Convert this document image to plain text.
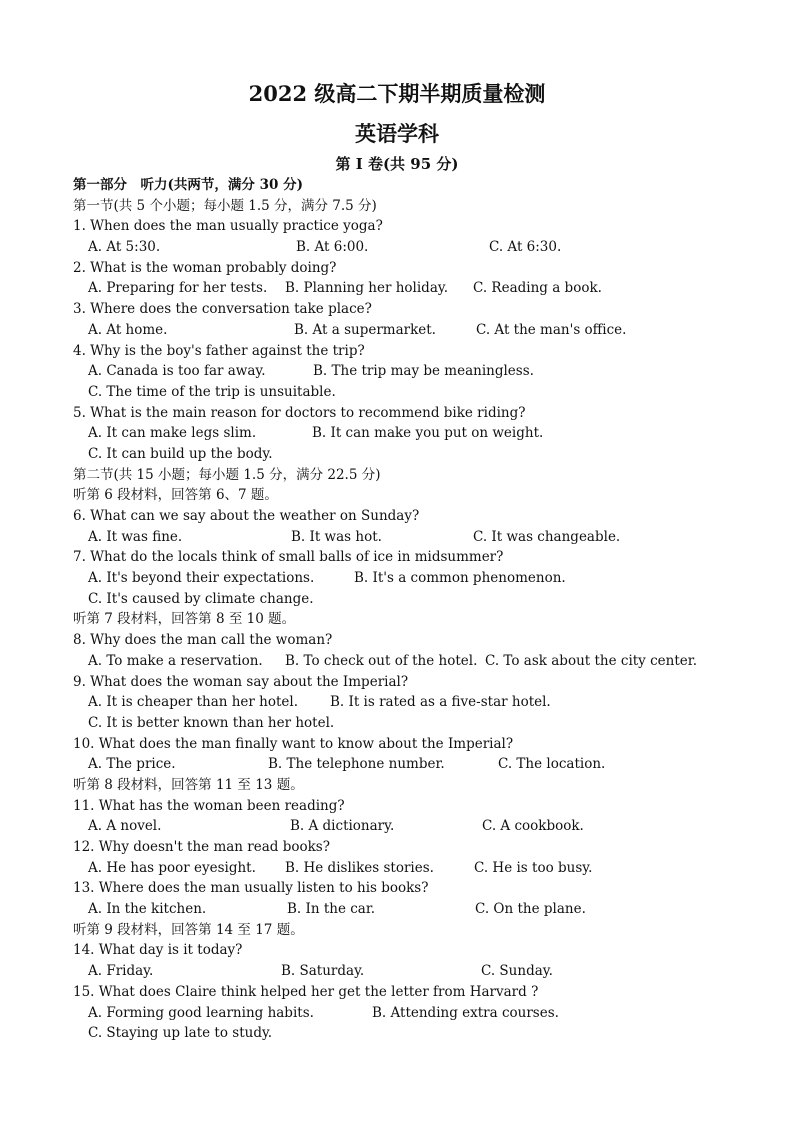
2022 级高二下期半期质量检测
英语学科
第 I 卷(共 95 分)
第一部分　听力(共两节，满分 30 分)
第一节(共 5 个小题；每小题 1.5 分，满分 7.5 分)
1. When does the man usually practice yoga?
A. At 5:30.	B. At 6:00.	C. At 6:30.
2. What is the woman probably doing?
A. Preparing for her tests. B. Planning her holiday. C. Reading a book.
3. Where does the conversation take place?
A. At home.	B. At a supermarket.	C. At the man's office.
4. Why is the boy's father against the trip?
A. Canada is too far away.	B. The trip may be meaningless.
C. The time of the trip is unsuitable.
5. What is the main reason for doctors to recommend bike riding?
A. It can make legs slim.	B. It can make you put on weight.
C. It can build up the body.
第二节(共 15 小题；每小题 1.5 分，满分 22.5 分)
听第 6 段材料，回答第 6、7 题。
6. What can we say about the weather on Sunday?
A. It was fine.	B. It was hot.	C. It was changeable.
7. What do the locals think of small balls of ice in midsummer?
A. It's beyond their expectations.	B. It's a common phenomenon.
C. It's caused by climate change.
听第 7 段材料，回答第 8 至 10 题。
8. Why does the man call the woman?
A. To make a reservation. B. To check out of the hotel. C. To ask about the city center.
9. What does the woman say about the Imperial?
A. It is cheaper than her hotel. B. It is rated as a five-star hotel.
C. It is better known than her hotel.
10. What does the man finally want to know about the Imperial?
A. The price.	B. The telephone number.	C. The location.
听第 8 段材料，回答第 11 至 13 题。
11. What has the woman been reading?
A. A novel.	B. A dictionary.	C. A cookbook.
12. Why doesn't the man read books?
A. He has poor eyesight. B. He dislikes stories.	C. He is too busy.
13. Where does the man usually listen to his books?
A. In the kitchen.	B. In the car.	C. On the plane.
听第 9 段材料，回答第 14 至 17 题。
14. What day is it today?
A. Friday.	B. Saturday.	C. Sunday.
15. What does Claire think helped her get the letter from Harvard ?
A. Forming good learning habits.	B. Attending extra courses.
C. Staying up late to study.
